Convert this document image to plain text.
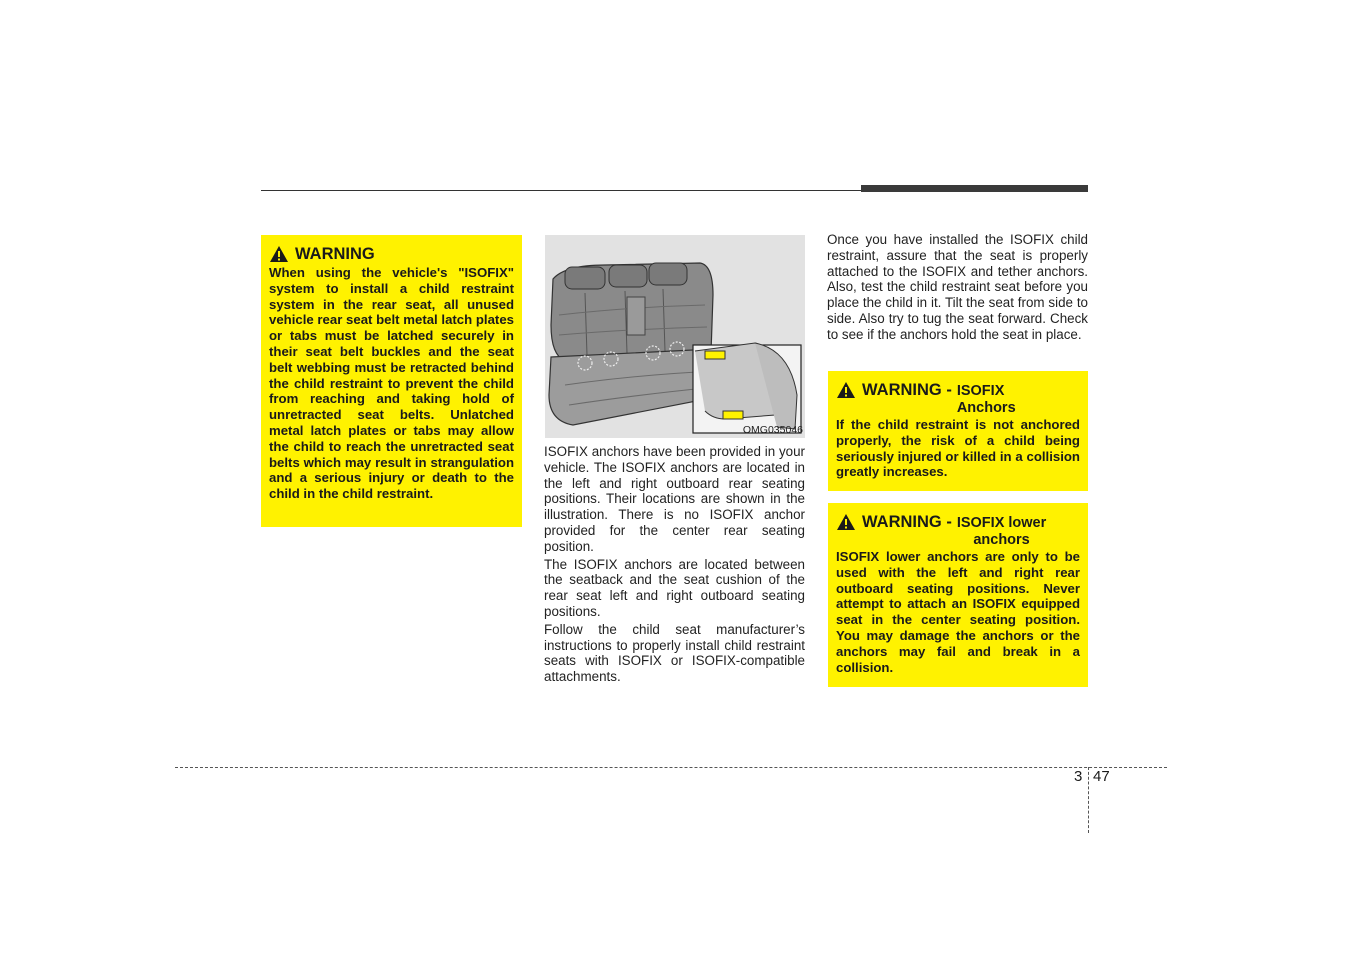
WARNING
When using the vehicle's "ISOFIX" system to install a child restraint system in the rear seat, all unused vehicle rear seat belt metal latch plates or tabs must be latched securely in their seat belt buckles and the seat belt webbing must be retracted behind the child restraint to prevent the child from reaching and taking hold of unretracted seat belts. Unlatched metal latch plates or tabs may allow the child to reach the unretracted seat belts which may result in strangulation and a serious injury or death to the child in the child restraint.
OMG035046

ISOFIX anchors have been provided in your vehicle. The ISOFIX anchors are located in the left and right outboard rear seating positions. Their locations are shown in the illustration. There is no ISOFIX anchor provided for the center rear seating position.

The ISOFIX anchors are located between the seatback and the seat cushion of the rear seat left and right outboard seating positions.

Follow the child seat manufacturer’s instructions to properly install child restraint seats with ISOFIX or ISOFIX-compatible attachments.

Once you have installed the ISOFIX child restraint, assure that the seat is properly attached to the ISOFIX and tether anchors. Also, test the child restraint seat before you place the child in it. Tilt the seat from side to side. Also try to tug the seat forward. Check to see if the anchors hold the seat in place.

WARNING - ISOFIX
Anchors
If the child restraint is not anchored properly, the risk of a child being seriously injured or killed in a collision greatly increases.
WARNING - ISOFIX lower
anchors
ISOFIX lower anchors are only to be used with the left and right rear outboard seating positions. Never attempt to attach an ISOFIX equipped seat in the center seating position. You may damage the anchors or the anchors may fail and break in a collision.
3 47
